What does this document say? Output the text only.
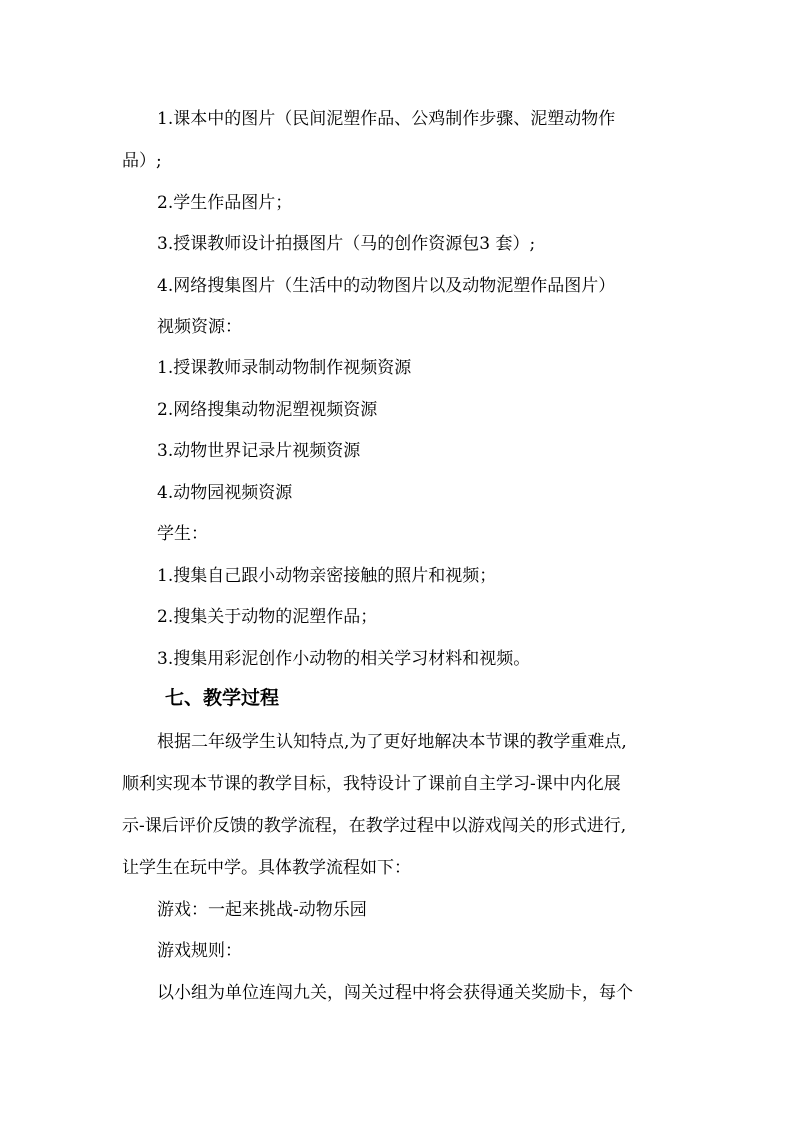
1.课本中的图片（民间泥塑作品、公鸡制作步骤、泥塑动物作

品）;

2.学生作品图片；

3.授课教师设计拍摄图片（马的创作资源包3 套）;

4.网络搜集图片（生活中的动物图片以及动物泥塑作品图片）

视频资源：

1.授课教师录制动物制作视频资源

2.网络搜集动物泥塑视频资源

3.动物世界记录片视频资源

4.动物园视频资源

学生：

1.搜集自己跟小动物亲密接触的照片和视频；

2.搜集关于动物的泥塑作品；

3.搜集用彩泥创作小动物的相关学习材料和视频。

七、教学过程

根据二年级学生认知特点,为了更好地解决本节课的教学重难点,

顺利实现本节课的教学目标，我特设计了课前自主学习-课中内化展

示-课后评价反馈的教学流程，在教学过程中以游戏闯关的形式进行,

让学生在玩中学。具体教学流程如下：

游戏：一起来挑战-动物乐园

游戏规则：

以小组为单位连闯九关，闯关过程中将会获得通关奖励卡，每个
